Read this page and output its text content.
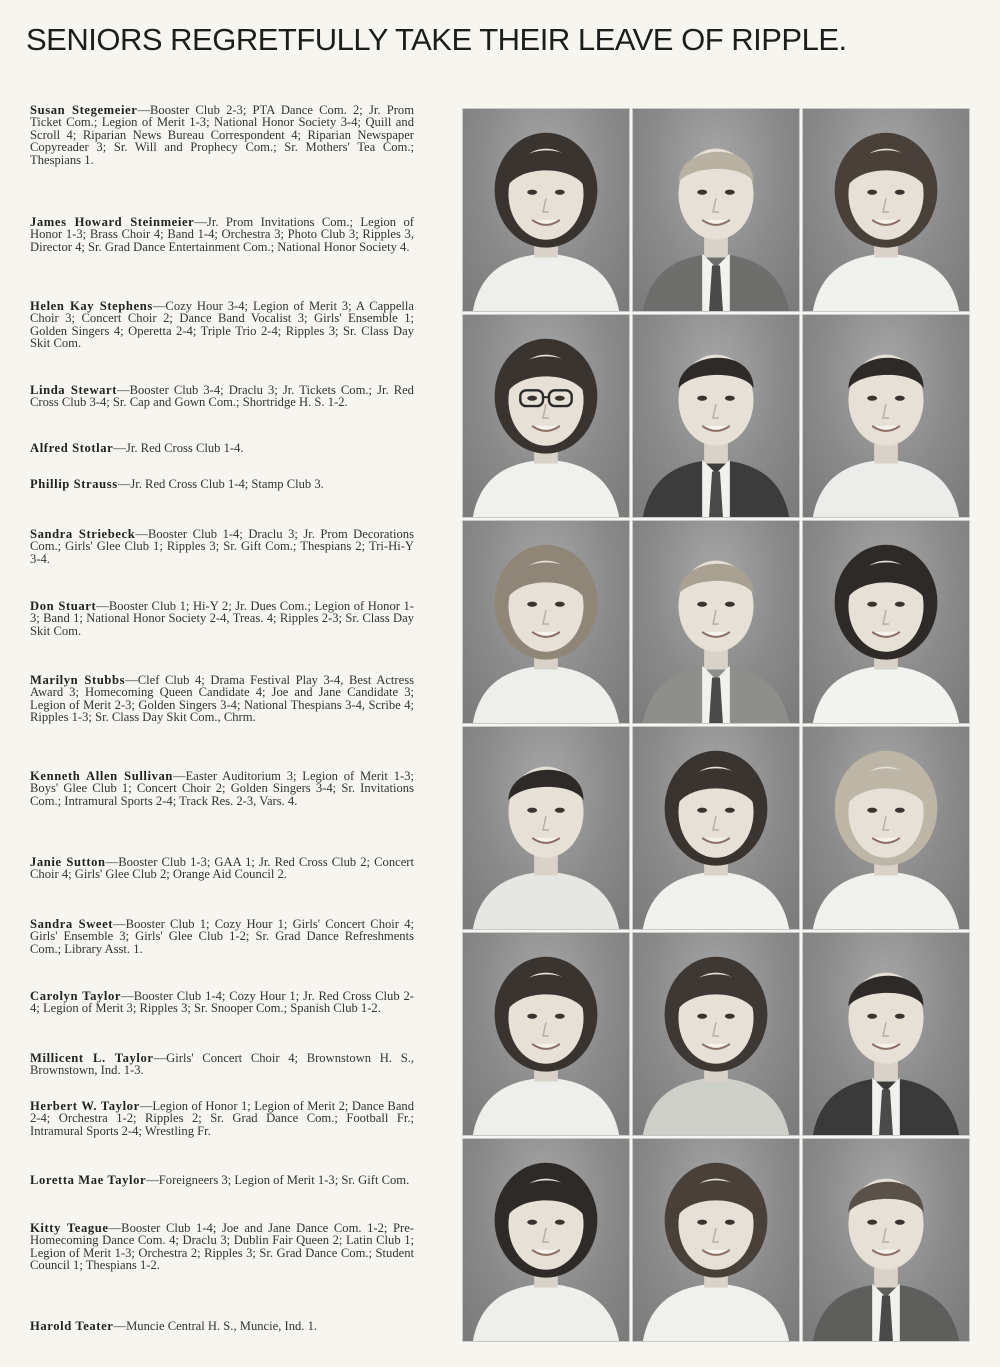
SENIORS REGRETFULLY TAKE THEIR LEAVE OF RIPPLE.
Susan Stegemeier—Booster Club 2-3; PTA Dance Com. 2; Jr. Prom Ticket Com.; Legion of Merit 1-3; National Honor Society 3-4; Quill and Scroll 4; Riparian News Bureau Correspondent 4; Riparian Newspaper Copyreader 3; Sr. Will and Prophecy Com.; Sr. Mothers' Tea Com.; Thespians 1.
James Howard Steinmeier—Jr. Prom Invitations Com.; Legion of Honor 1-3; Brass Choir 4; Band 1-4; Orchestra 3; Photo Club 3; Ripples 3, Director 4; Sr. Grad Dance Entertainment Com.; National Honor Society 4.
Helen Kay Stephens—Cozy Hour 3-4; Legion of Merit 3; A Cappella Choir 3; Concert Choir 2; Dance Band Vocalist 3; Girls' Ensemble 1; Golden Singers 4; Operetta 2-4; Triple Trio 2-4; Ripples 3; Sr. Class Day Skit Com.
Linda Stewart—Booster Club 3-4; Draclu 3; Jr. Tickets Com.; Jr. Red Cross Club 3-4; Sr. Cap and Gown Com.; Shortridge H. S. 1-2.
Alfred Stotlar—Jr. Red Cross Club 1-4.
Phillip Strauss—Jr. Red Cross Club 1-4; Stamp Club 3.
Sandra Striebeck—Booster Club 1-4; Draclu 3; Jr. Prom Decorations Com.; Girls' Glee Club 1; Ripples 3; Sr. Gift Com.; Thespians 2; Tri-Hi-Y 3-4.
Don Stuart—Booster Club 1; Hi-Y 2; Jr. Dues Com.; Legion of Honor 1-3; Band 1; National Honor Society 2-4, Treas. 4; Ripples 2-3; Sr. Class Day Skit Com.
Marilyn Stubbs—Clef Club 4; Drama Festival Play 3-4, Best Actress Award 3; Homecoming Queen Candidate 4; Joe and Jane Candidate 3; Legion of Merit 2-3; Golden Singers 3-4; National Thespians 3-4, Scribe 4; Ripples 1-3; Sr. Class Day Skit Com., Chrm.
Kenneth Allen Sullivan—Easter Auditorium 3; Legion of Merit 1-3; Boys' Glee Club 1; Concert Choir 2; Golden Singers 3-4; Sr. Invitations Com.; Intramural Sports 2-4; Track Res. 2-3, Vars. 4.
Janie Sutton—Booster Club 1-3; GAA 1; Jr. Red Cross Club 2; Concert Choir 4; Girls' Glee Club 2; Orange Aid Council 2.
Sandra Sweet—Booster Club 1; Cozy Hour 1; Girls' Concert Choir 4; Girls' Ensemble 3; Girls' Glee Club 1-2; Sr. Grad Dance Refreshments Com.; Library Asst. 1.
Carolyn Taylor—Booster Club 1-4; Cozy Hour 1; Jr. Red Cross Club 2-4; Legion of Merit 3; Ripples 3; Sr. Snooper Com.; Spanish Club 1-2.
Millicent L. Taylor—Girls' Concert Choir 4; Brownstown H. S., Brownstown, Ind. 1-3.
Herbert W. Taylor—Legion of Honor 1; Legion of Merit 2; Dance Band 2-4; Orchestra 1-2; Ripples 2; Sr. Grad Dance Com.; Football Fr.; Intramural Sports 2-4; Wrestling Fr.
Loretta Mae Taylor—Foreigneers 3; Legion of Merit 1-3; Sr. Gift Com.
Kitty Teague—Booster Club 1-4; Joe and Jane Dance Com. 1-2; Pre-Homecoming Dance Com. 4; Draclu 3; Dublin Fair Queen 2; Latin Club 1; Legion of Merit 1-3; Orchestra 2; Ripples 3; Sr. Grad Dance Com.; Student Council 1; Thespians 1-2.
Harold Teater—Muncie Central H. S., Muncie, Ind. 1.
